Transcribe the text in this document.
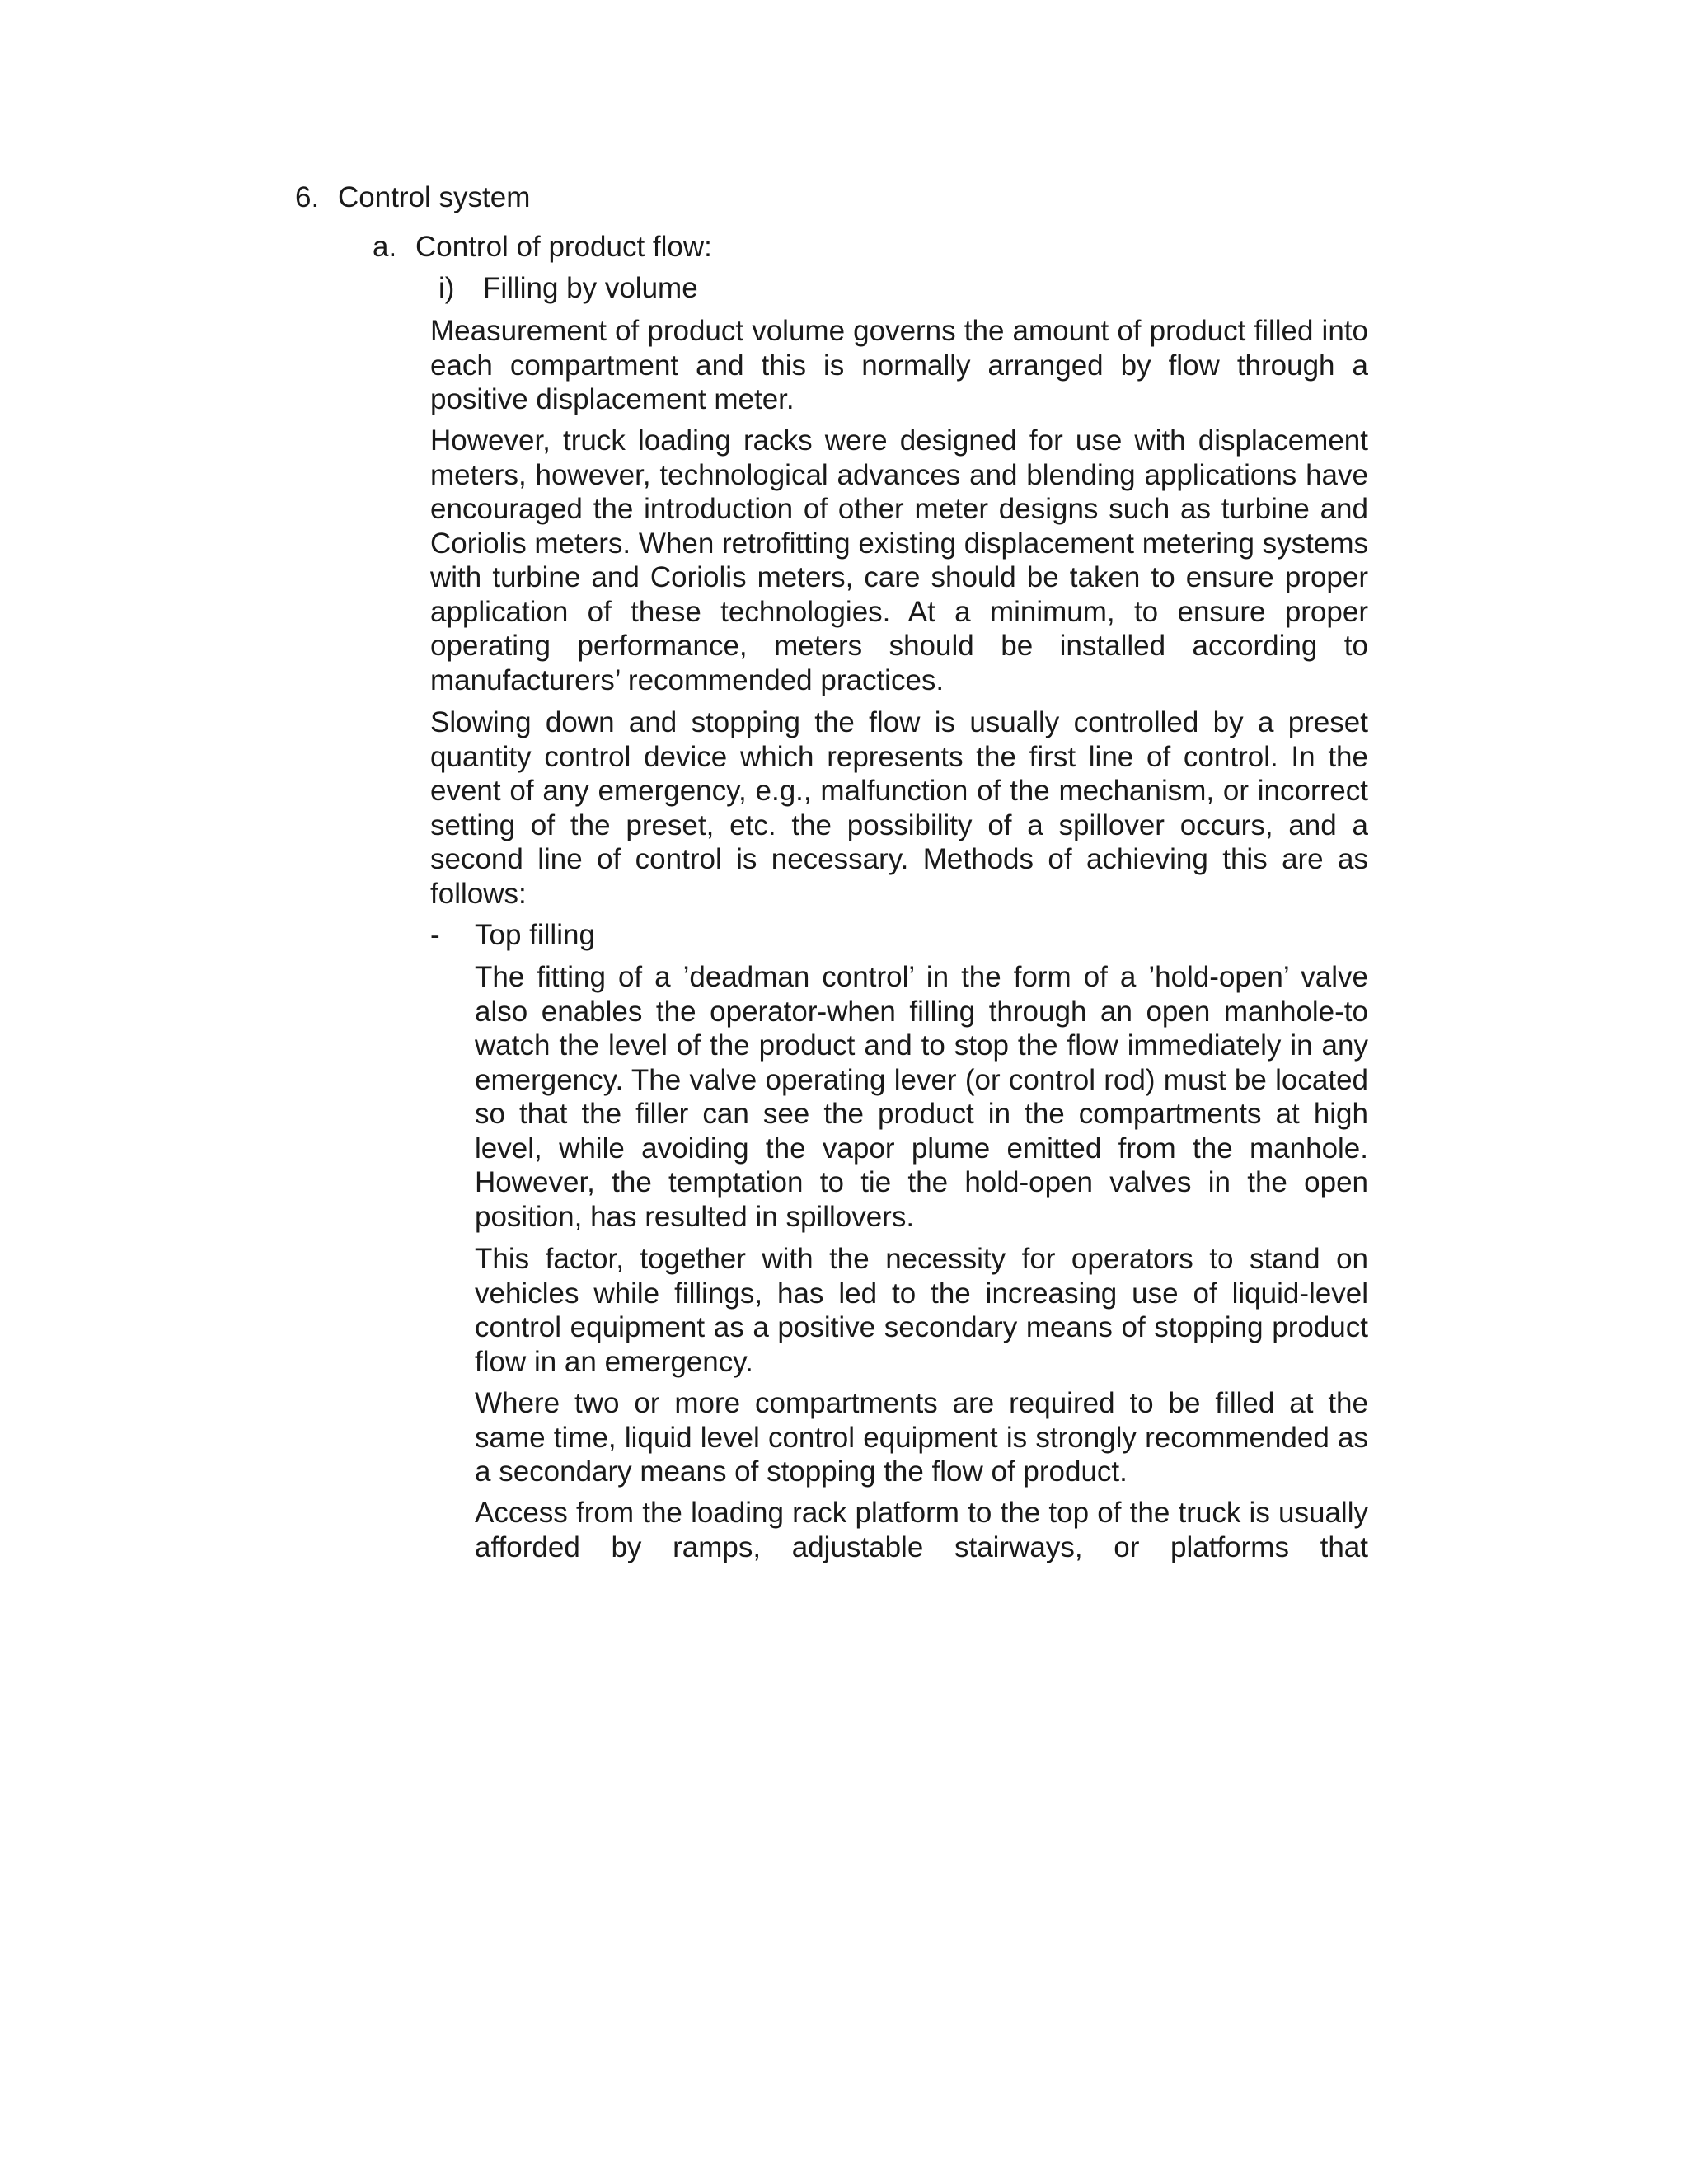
6. Control system
a. Control of product flow:
i) Filling by volume

Measurement of product volume governs the amount of product filled into each compartment and this is normally arranged by flow through a positive displacement meter.

However, truck loading racks were designed for use with displacement meters, however, technological advances and blending applications have encouraged the introduction of other meter designs such as turbine and Coriolis meters. When retrofitting existing displacement metering systems with turbine and Coriolis meters, care should be taken to ensure proper application of these technologies. At a minimum, to ensure proper operating performance, meters should be installed according to manufacturers’ recommended practices.

Slowing down and stopping the flow is usually controlled by a preset quantity control device which represents the first line of control. In the event of any emergency, e.g., malfunction of the mechanism, or incorrect setting of the preset, etc. the possibility of a spillover occurs, and a second line of control is necessary. Methods of achieving this are as follows:

- Top filling

The fitting of a ’deadman control’ in the form of a ’hold-open’ valve also enables the operator-when filling through an open manhole-to watch the level of the product and to stop the flow immediately in any emergency. The valve operating lever (or control rod) must be located so that the filler can see the product in the compartments at high level, while avoiding the vapor plume emitted from the manhole. However, the temptation to tie the hold-open valves in the open position, has resulted in spillovers.

This factor, together with the necessity for operators to stand on vehicles while fillings, has led to the increasing use of liquid-level control equipment as a positive secondary means of stopping product flow in an emergency.

Where two or more compartments are required to be filled at the same time, liquid level control equipment is strongly recommended as a secondary means of stopping the flow of product.

Access from the loading rack platform to the top of the truck is usually afforded by ramps, adjustable stairways, or platforms that
